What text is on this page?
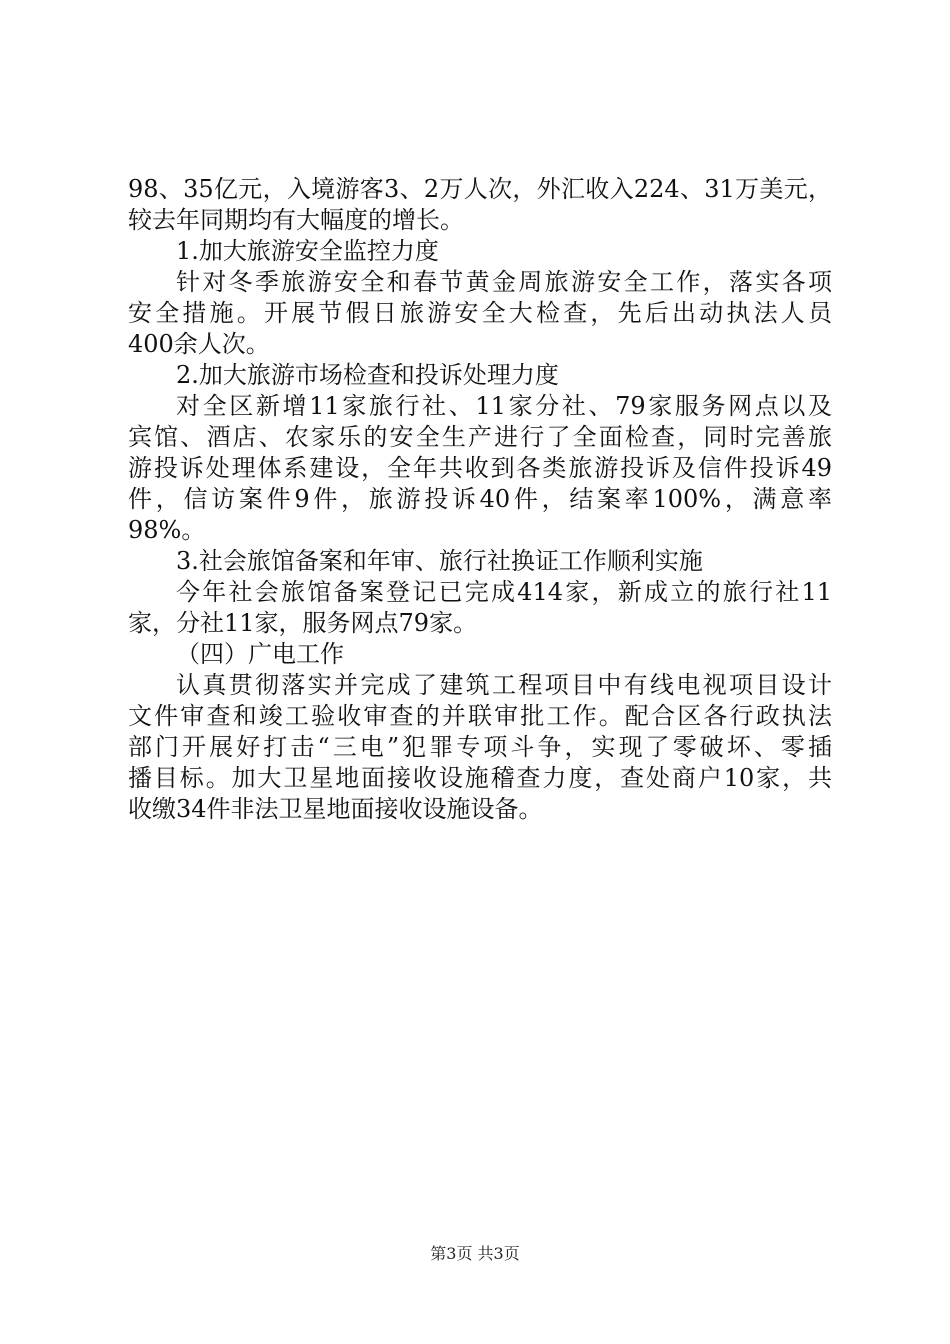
98、35亿元，入境游客3、2万人次，外汇收入224、31万美元，
较去年同期均有大幅度的增长。
1.加大旅游安全监控力度
针对冬季旅游安全和春节黄金周旅游安全工作，落实各项
安全措施。开展节假日旅游安全大检查，先后出动执法人员
400余人次。
2.加大旅游市场检查和投诉处理力度
对全区新增11家旅行社、11家分社、79家服务网点以及
宾馆、酒店、农家乐的安全生产进行了全面检查，同时完善旅
游投诉处理体系建设，全年共收到各类旅游投诉及信件投诉49
件，信访案件9件，旅游投诉40件，结案率100%，满意率
98%。
3.社会旅馆备案和年审、旅行社换证工作顺利实施
今年社会旅馆备案登记已完成414家，新成立的旅行社11
家，分社11家，服务网点79家。
（四）广电工作
认真贯彻落实并完成了建筑工程项目中有线电视项目设计
文件审查和竣工验收审查的并联审批工作。配合区各行政执法
部门开展好打击“三电”犯罪专项斗争，实现了零破坏、零插
播目标。加大卫星地面接收设施稽查力度，查处商户10家，共
收缴34件非法卫星地面接收设施设备。
第3页 共3页
